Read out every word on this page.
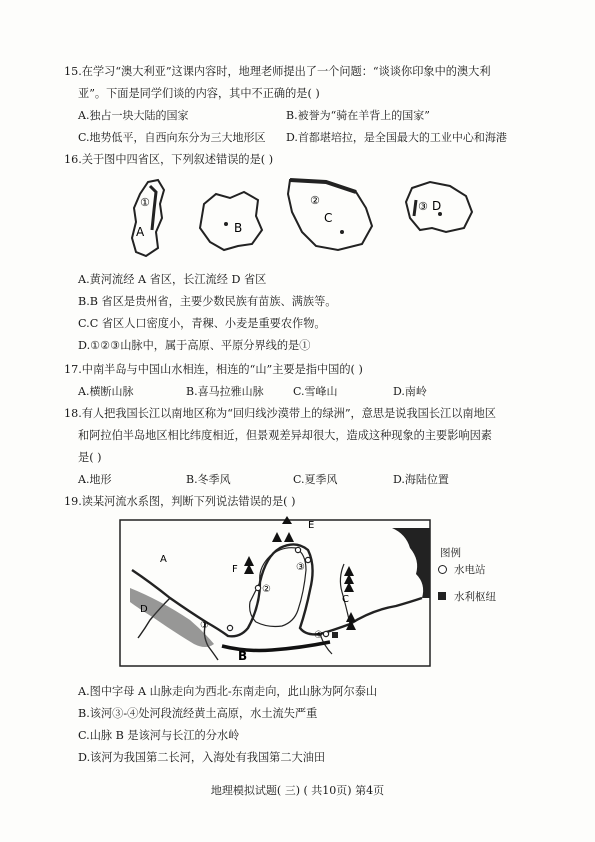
15.在学习“澳大利亚”这课内容时，地理老师提出了一个问题：“谈谈你印象中的澳大利
亚”。下面是同学们谈的内容，其中不正确的是( )
A.独占一块大陆的国家	B.被誉为“骑在羊背上的国家”
C.地势低平，自西向东分为三大地形区 D.首都堪培拉，是全国最大的工业中心和海港
16.关于图中四省区，下列叙述错误的是( )
①
A	B
②
C
③ D
A.黄河流经 A 省区，长江流经 D 省区
B.B 省区是贵州省，主要少数民族有苗族、满族等。
C.C 省区人口密度小，青稞、小麦是重要农作物。
D.①②③山脉中，属于高原、平原分界线的是①
17.中南半岛与中国山水相连，相连的“山”主要是指中国的( )
A.横断山脉	B.喜马拉雅山脉	C.雪峰山	D.南岭
18.有人把我国长江以南地区称为“回归线沙漠带上的绿洲”，意思是说我国长江以南地区
和阿拉伯半岛地区相比纬度相近，但景观差异却很大，造成这种现象的主要影响因素
是( )
A.地形	B.冬季风	C.夏季风	D.海陆位置
19.读某河流水系图，判断下列说法错误的是( )
A
B
C
D
E
F
②
③
①
④
图例
水电站
水利枢纽
A.图中字母 A 山脉走向为西北-东南走向，此山脉为阿尔泰山
B.该河③-④处河段流经黄土高原，水土流失严重
C.山脉 B 是该河与长江的分水岭
D.该河为我国第二长河，入海处有我国第二大油田
地理模拟试题( 三) ( 共10页) 第4页
